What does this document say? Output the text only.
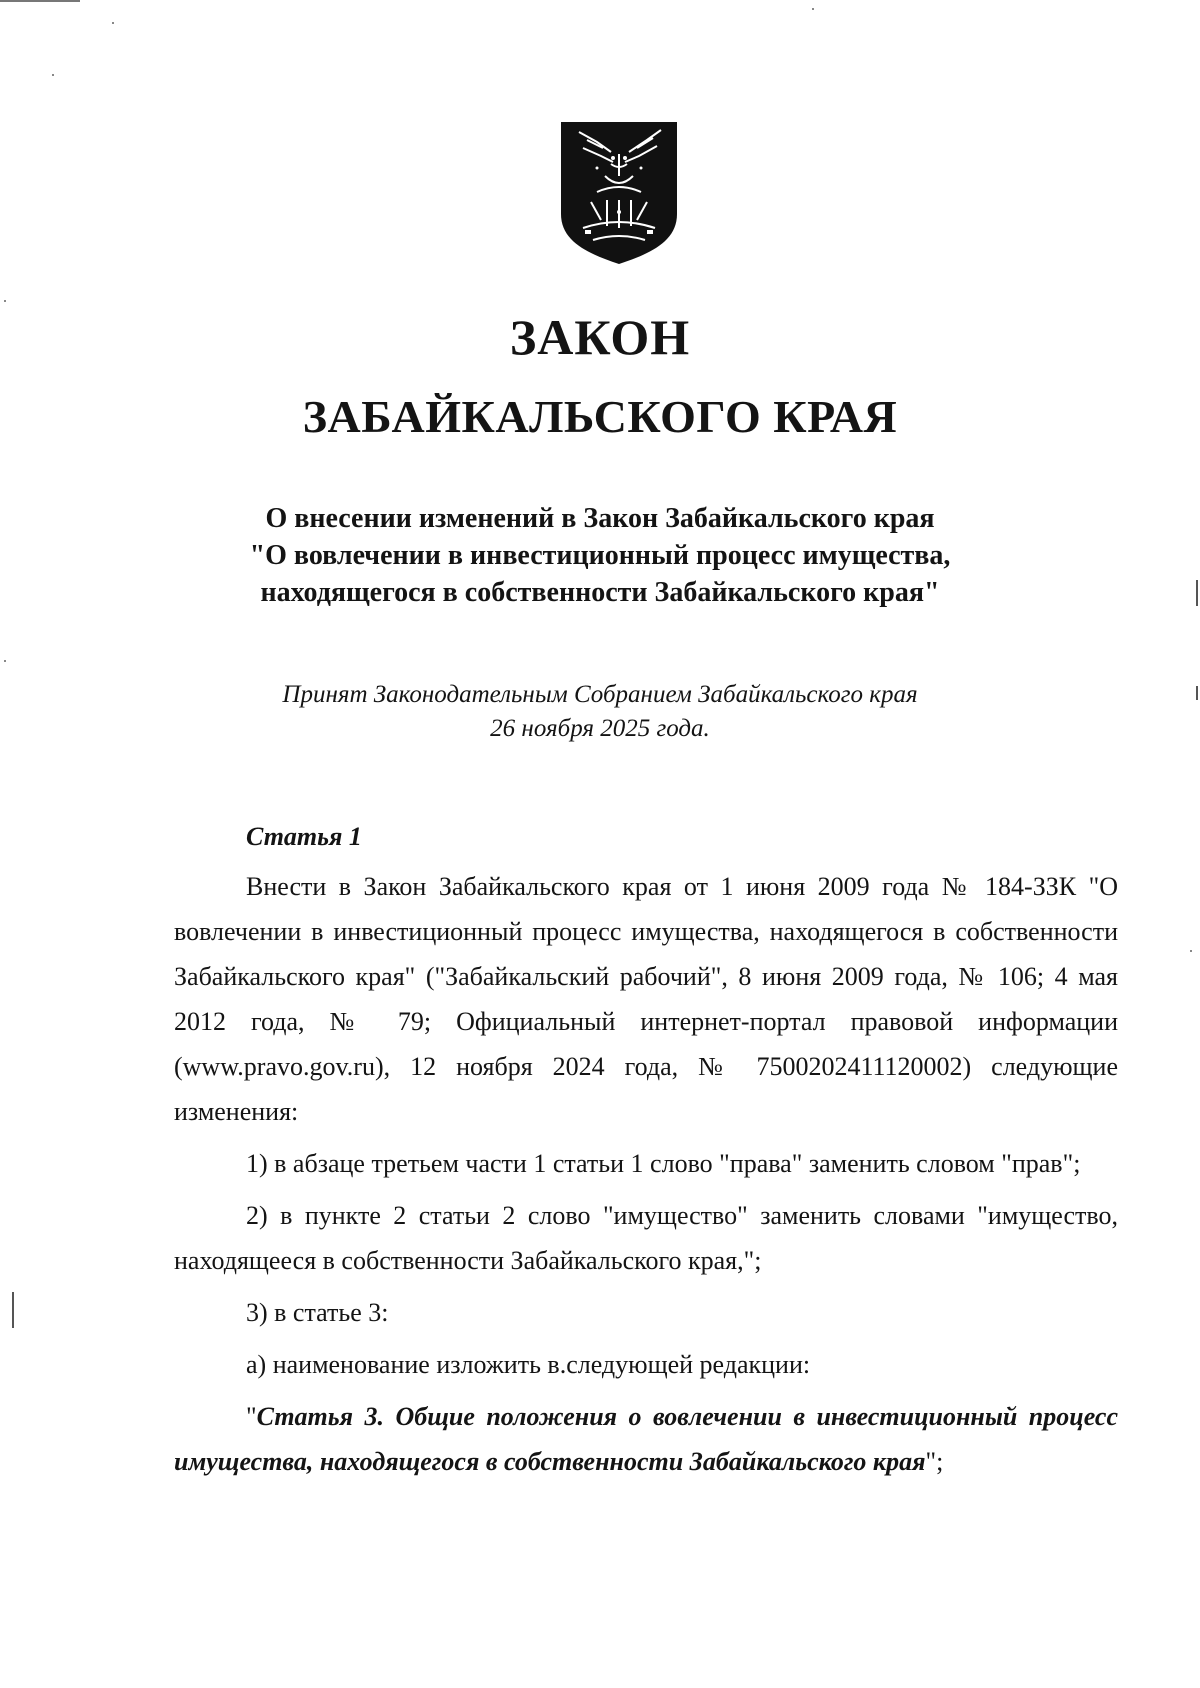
ЗАКОН
ЗАБАЙКАЛЬСКОГО КРАЯ
О внесении изменений в Закон Забайкальского края
"О вовлечении в инвестиционный процесс имущества,
находящегося в собственности Забайкальского края"
Принят Законодательным Собранием Забайкальского края
26 ноября 2025 года.
Статья 1

Внести в Закон Забайкальского края от 1 июня 2009 года № 184-ЗЗК "О вовлечении в инвестиционный процесс имущества, находящегося в собственности Забайкальского края" ("Забайкальский рабочий", 8 июня 2009 года, № 106; 4 мая 2012 года, № 79; Официальный интернет-портал правовой информации (www.pravo.gov.ru), 12 ноября 2024 года, № 7500202411120002) следующие изменения:

1) в абзаце третьем части 1 статьи 1 слово "права" заменить словом "прав";

2) в пункте 2 статьи 2 слово "имущество" заменить словами "имущество, находящееся в собственности Забайкальского края,";

3) в статье 3:

а) наименование изложить в.следующей редакции:

"Статья 3. Общие положения о вовлечении в инвестиционный процесс имущества, находящегося в собственности Забайкальского края";
